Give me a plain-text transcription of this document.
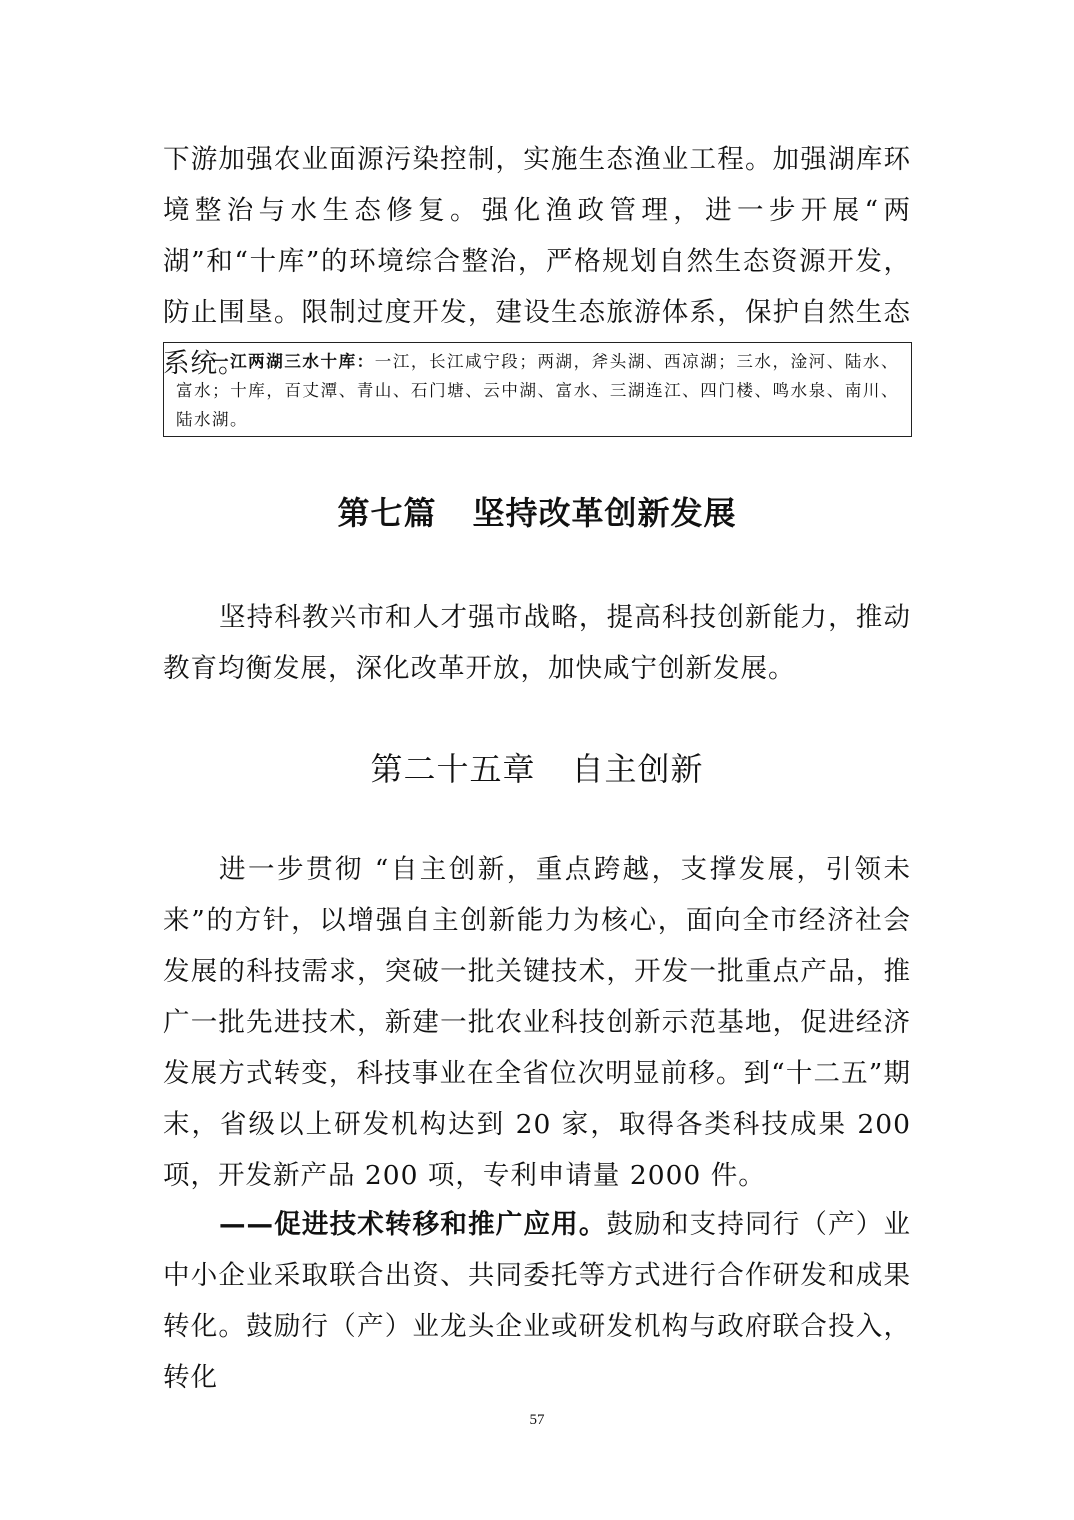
下游加强农业面源污染控制，实施生态渔业工程。加强湖库环境整治与水生态修复。强化渔政管理，进一步开展“两湖”和“十库”的环境综合整治，严格规划自然生态资源开发，防止围垦。限制过度开发，建设生态旅游体系，保护自然生态系统。

一江两湖三水十库：一江，长江咸宁段；两湖，斧头湖、西凉湖；三水，淦河、陆水、富水；十库，百丈潭、青山、石门塘、云中湖、富水、三湖连江、四门楼、鸣水泉、南川、陆水湖。
第七篇 坚持改革创新发展

坚持科教兴市和人才强市战略，提高科技创新能力，推动教育均衡发展，深化改革开放，加快咸宁创新发展。

第二十五章 自主创新

进一步贯彻 “自主创新，重点跨越，支撑发展，引领未来”的方针，以增强自主创新能力为核心，面向全市经济社会发展的科技需求，突破一批关键技术，开发一批重点产品，推广一批先进技术，新建一批农业科技创新示范基地，促进经济发展方式转变，科技事业在全省位次明显前移。到“十二五”期末，省级以上研发机构达到 20 家，取得各类科技成果 200 项，开发新产品 200 项，专利申请量 2000 件。

——促进技术转移和推广应用。鼓励和支持同行（产）业中小企业采取联合出资、共同委托等方式进行合作研发和成果转化。鼓励行（产）业龙头企业或研发机构与政府联合投入，转化

57
